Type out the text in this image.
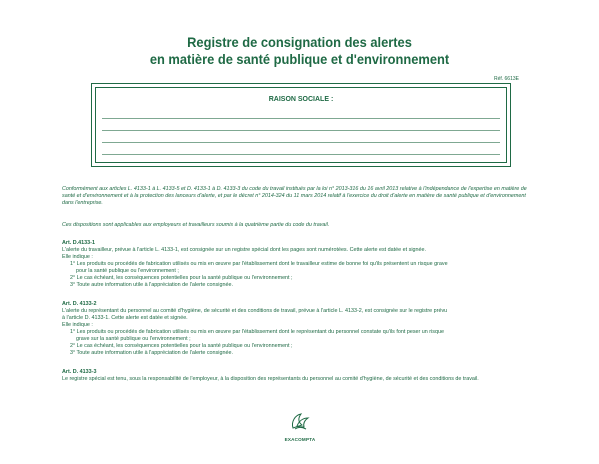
Registre de consignation des alertes
en matière de santé publique et d'environnement
Réf. 6613E
RAISON SOCIALE :
Conformément aux articles L. 4133-1 à L. 4133-5 et D. 4133-1 à D. 4133-3 du code du travail institués par la loi n° 2013-316 du 16 avril 2013 relative à l'indépendance de l'expertise en matière de santé et d'environnement et à la protection des lanceurs d'alerte, et par le décret n° 2014-324 du 11 mars 2014 relatif à l'exercice du droit d'alerte en matière de santé publique et d'environnement dans l'entreprise.
Ces dispositions sont applicables aux employeurs et travailleurs soumis à la quatrième partie du code du travail.
Art. D.4133-1
L'alerte du travailleur, prévue à l'article L. 4133-1, est consignée sur un registre spécial dont les pages sont numérotées. Cette alerte est datée et signée.
Elle indique :
1° Les produits ou procédés de fabrication utilisés ou mis en œuvre par l'établissement dont le travailleur estime de bonne foi qu'ils présentent un risque grave
pour la santé publique ou l'environnement ;
2° Le cas échéant, les conséquences potentielles pour la santé publique ou l'environnement ;
3° Toute autre information utile à l'appréciation de l'alerte consignée.
Art. D. 4133-2
L'alerte du représentant du personnel au comité d'hygiène, de sécurité et des conditions de travail, prévue à l'article L. 4133-2, est consignée sur le registre prévu
à l'article D. 4133-1. Cette alerte est datée et signée.
Elle indique :
1° Les produits ou procédés de fabrication utilisés ou mis en œuvre par l'établissement dont le représentant du personnel constate qu'ils font peser un risque
grave sur la santé publique ou l'environnement ;
2° Le cas échéant, les conséquences potentielles pour la santé publique ou l'environnement ;
3° Toute autre information utile à l'appréciation de l'alerte consignée.
Art. D. 4133-3
Le registre spécial est tenu, sous la responsabilité de l'employeur, à la disposition des représentants du personnel au comité d'hygiène, de sécurité et des conditions de travail.
EXACOMPTA
